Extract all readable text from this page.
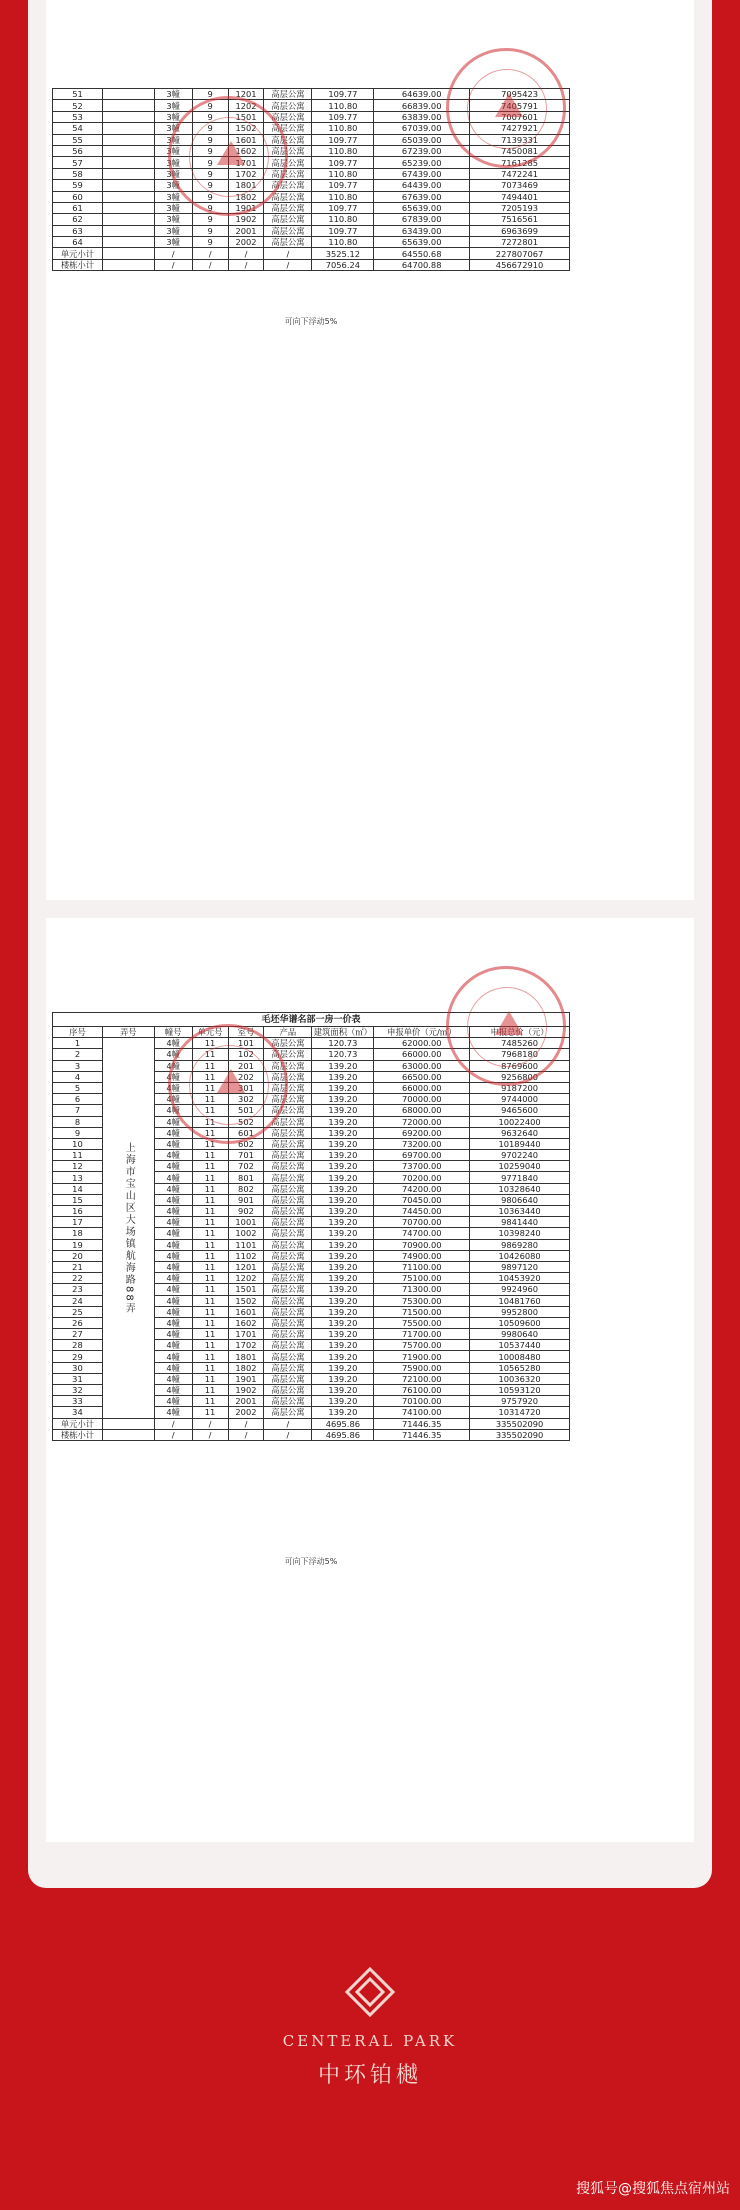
51		3幢	9	1201	高层公寓	109.77	64639.00	7095423
52		3幢	9	1202	高层公寓	110.80	66839.00	7405791
53		3幢	9	1501	高层公寓	109.77	63839.00	7007601
54		3幢	9	1502	高层公寓	110.80	67039.00	7427921
55		3幢	9	1601	高层公寓	109.77	65039.00	7139331
56		3幢	9	1602	高层公寓	110.80	67239.00	7450081
57		3幢	9	1701	高层公寓	109.77	65239.00	7161285
58		3幢	9	1702	高层公寓	110.80	67439.00	7472241
59		3幢	9	1801	高层公寓	109.77	64439.00	7073469
60		3幢	9	1802	高层公寓	110.80	67639.00	7494401
61		3幢	9	1901	高层公寓	109.77	65639.00	7205193
62		3幢	9	1902	高层公寓	110.80	67839.00	7516561
63		3幢	9	2001	高层公寓	109.77	63439.00	6963699
64		3幢	9	2002	高层公寓	110.80	65639.00	7272801
单元小计		/	/	/	/	3525.12	64550.68	227807067
楼栋小计		/	/	/	/	7056.24	64700.88	456672910
可向下浮动5%
毛坯华谱名部一房一价表								
序号	弄号	幢号	单元号	室号	产品	建筑面积（㎡）	申报单价（元/㎡）	申报总价（元）
1	上海市宝山区大场镇航海路88弄	4幢	11	101	高层公寓	120.73	62000.00	7485260
2		4幢	11	102	高层公寓	120.73	66000.00	7968180
3		4幢	11	201	高层公寓	139.20	63000.00	8769600
4		4幢	11	202	高层公寓	139.20	66500.00	9256800
5		4幢	11	301	高层公寓	139.20	66000.00	9187200
6		4幢	11	302	高层公寓	139.20	70000.00	9744000
7		4幢	11	501	高层公寓	139.20	68000.00	9465600
8		4幢	11	502	高层公寓	139.20	72000.00	10022400
9		4幢	11	601	高层公寓	139.20	69200.00	9632640
10		4幢	11	602	高层公寓	139.20	73200.00	10189440
11		4幢	11	701	高层公寓	139.20	69700.00	9702240
12		4幢	11	702	高层公寓	139.20	73700.00	10259040
13		4幢	11	801	高层公寓	139.20	70200.00	9771840
14		4幢	11	802	高层公寓	139.20	74200.00	10328640
15		4幢	11	901	高层公寓	139.20	70450.00	9806640
16		4幢	11	902	高层公寓	139.20	74450.00	10363440
17		4幢	11	1001	高层公寓	139.20	70700.00	9841440
18		4幢	11	1002	高层公寓	139.20	74700.00	10398240
19		4幢	11	1101	高层公寓	139.20	70900.00	9869280
20		4幢	11	1102	高层公寓	139.20	74900.00	10426080
21		4幢	11	1201	高层公寓	139.20	71100.00	9897120
22		4幢	11	1202	高层公寓	139.20	75100.00	10453920
23		4幢	11	1501	高层公寓	139.20	71300.00	9924960
24		4幢	11	1502	高层公寓	139.20	75300.00	10481760
25		4幢	11	1601	高层公寓	139.20	71500.00	9952800
26		4幢	11	1602	高层公寓	139.20	75500.00	10509600
27		4幢	11	1701	高层公寓	139.20	71700.00	9980640
28		4幢	11	1702	高层公寓	139.20	75700.00	10537440
29		4幢	11	1801	高层公寓	139.20	71900.00	10008480
30		4幢	11	1802	高层公寓	139.20	75900.00	10565280
31		4幢	11	1901	高层公寓	139.20	72100.00	10036320
32		4幢	11	1902	高层公寓	139.20	76100.00	10593120
33		4幢	11	2001	高层公寓	139.20	70100.00	9757920
34		4幢	11	2002	高层公寓	139.20	74100.00	10314720
单元小计		/	/	/	/	4695.86	71446.35	335502090
楼栋小计		/	/	/	/	4695.86	71446.35	335502090
可向下浮动5%
CENTERAL PARK
中环铂樾
搜狐号@搜狐焦点宿州站
